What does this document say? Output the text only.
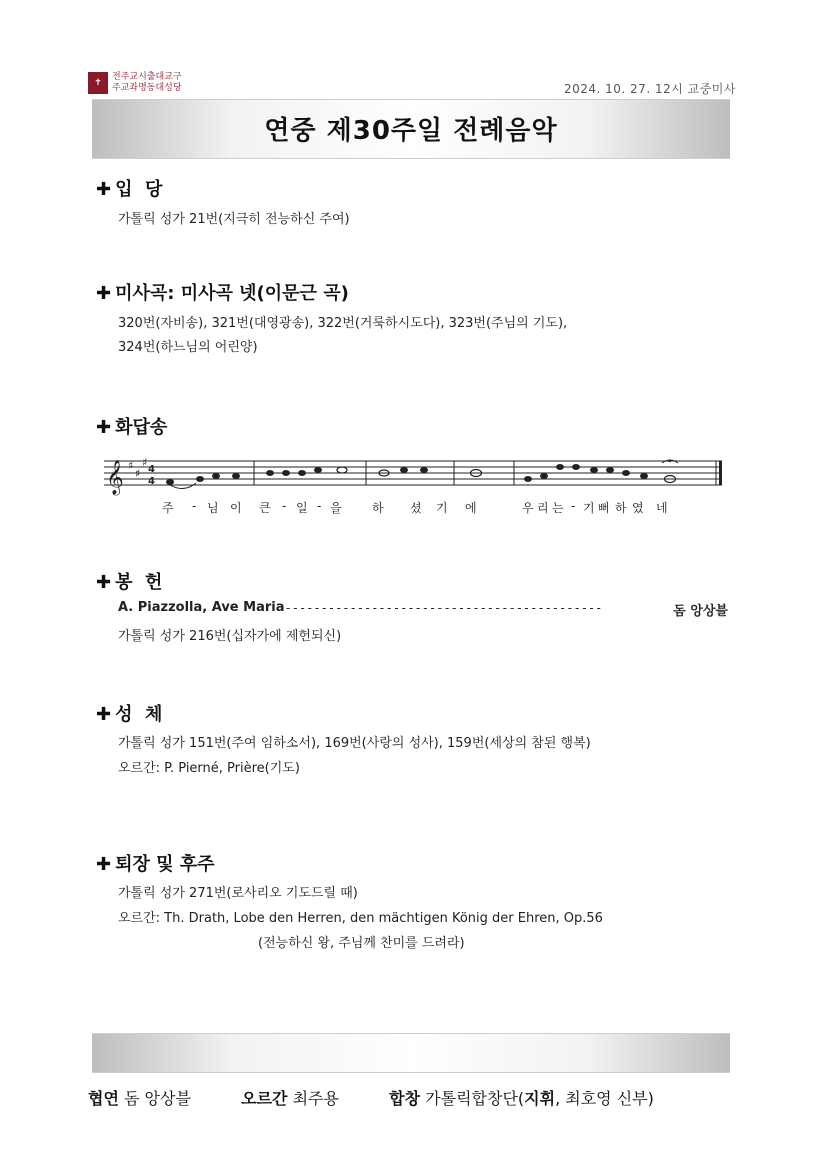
✝
전주교시출대교구
주교좌명동대성당	2024. 10. 27. 12시 교중미사
연중 제30주일 전례음악
✚ 입  당
가톨릭 성가 21번(지극히 전능하신 주여)
✚ 미사곡: 미사곡 넷(이문근 곡)
320번(자비송), 321번(대영광송), 322번(거룩하시도다), 323번(주님의 기도),
324번(하느님의 어린양)
✚ 화답송
𝄞 ♯
♯
♯
4
4
주 - 님 이 큰 - 일 - 을	하 셨 기 에	우 리 는 - 기 뻐 하 였 네
✚ 봉  헌
A. Piazzolla, Ave Maria --------------------------------------------	돔 앙상블
가톨릭 성가 216번(십자가에 제헌되신)
✚ 성  체
가톨릭 성가 151번(주여 임하소서), 169번(사랑의 성사), 159번(세상의 참된 행복)
오르간: P. Pierné, Prière(기도)
✚ 퇴장 및 후주
가톨릭 성가 271번(로사리오 기도드릴 때)
오르간: Th. Drath, Lobe den Herren, den mächtigen König der Ehren, Op.56
(전능하신 왕, 주님께 찬미를 드려라)
협연 돔 앙상블	오르간 최주용	합창 가톨릭합창단(지휘, 최호영 신부)
